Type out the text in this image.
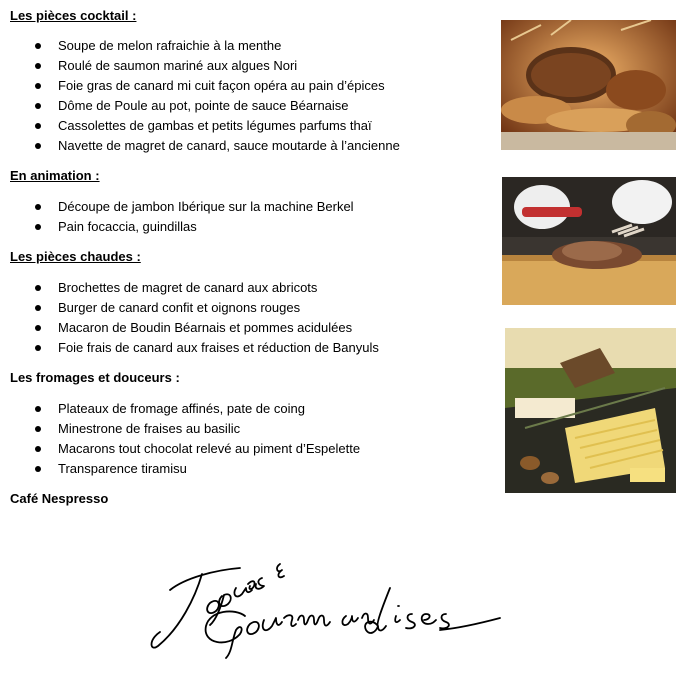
Les pièces cocktail :

Soupe de melon rafraichie à la menthe
Roulé de saumon mariné aux algues Nori
Foie gras de canard mi cuit façon opéra au pain d’épices
Dôme de Poule au pot, pointe de sauce Béarnaise
Cassolettes de gambas et petits légumes parfums thaï
Navette de magret de canard, sauce moutarde à l’ancienne

En animation :

Découpe de jambon Ibérique sur la machine Berkel
Pain focaccia, guindillas

Les pièces chaudes :

Brochettes de magret de canard aux abricots
Burger de canard confit et oignons rouges
Macaron de Boudin Béarnais et pommes acidulées
Foie frais de canard aux fraises et réduction de Banyuls

Les fromages et douceurs :

Plateaux de fromage affinés, pate de coing
Minestrone de fraises au basilic
Macarons tout chocolat relevé au piment d’Espelette
Transparence tiramisu

Café Nespresso
